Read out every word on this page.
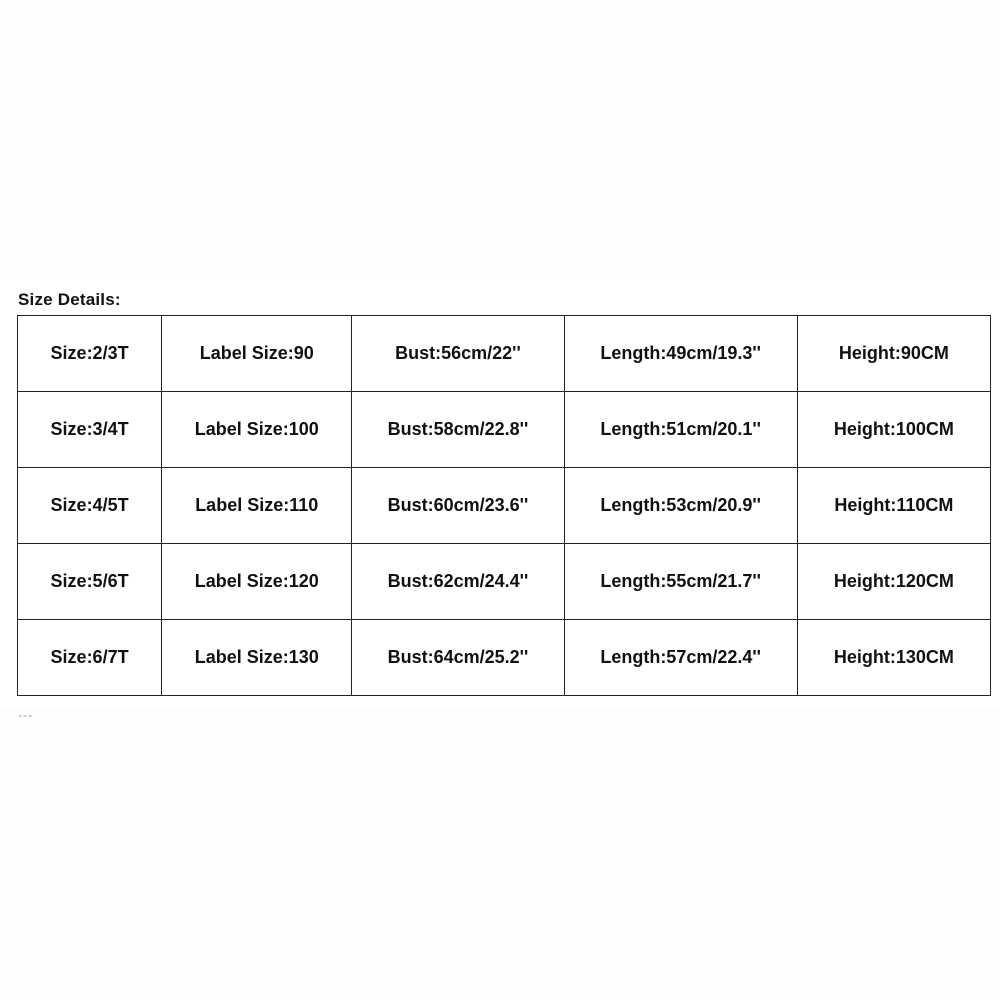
Size Details:
Size:2/3T	Label Size:90	Bust:56cm/22''	Length:49cm/19.3''	Height:90CM
Size:3/4T	Label Size:100	Bust:58cm/22.8''	Length:51cm/20.1''	Height:100CM
Size:4/5T	Label Size:110	Bust:60cm/23.6''	Length:53cm/20.9''	Height:110CM
Size:5/6T	Label Size:120	Bust:62cm/24.4''	Length:55cm/21.7''	Height:120CM
Size:6/7T	Label Size:130	Bust:64cm/25.2''	Length:57cm/22.4''	Height:130CM
---
